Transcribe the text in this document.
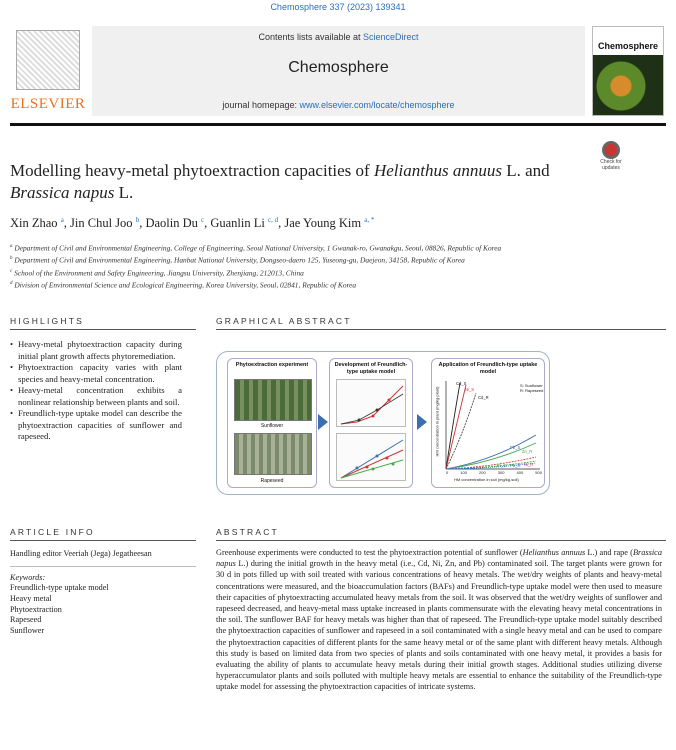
Chemosphere 337 (2023) 139341
ELSEVIER
Contents lists available at ScienceDirect
Chemosphere
journal homepage: www.elsevier.com/locate/chemosphere
Chemosphere
Check for
updates
Modelling heavy-metal phytoextraction capacities of Helianthus annuus L. and Brassica napus L.
Xin Zhao $^a$, Jin Chul Joo $^b$, Daolin Du $^c$, Guanlin Li $^{c, d}$, Jae Young Kim $^{a, *}$
$^a$ Department of Civil and Environmental Engineering, College of Engineering, Seoul National University, 1 Gwanak-ro, Gwanakgu, Seoul, 08826, Republic of Korea
$^b$ Department of Civil and Environmental Engineering, Hanbat National University, Dongseo-daero 125, Yuseong-gu, Daejeon, 34158, Republic of Korea
$^c$ School of the Environment and Safety Engineering, Jiangsu University, Zhenjiang, 212013, China
$^d$ Division of Environmental Science and Ecological Engineering, Korea University, Seoul, 02841, Republic of Korea
HIGHLIGHTS
• Heavy-metal phytoextraction capacity during initial plant growth affects phytoremediation.
• Phytoextraction capacity varies with plant species and heavy-metal concentration.
• Heavy-metal concentration exhibits a nonlinear relationship between plants and soil.
• Freundlich-type uptake model can describe the phytoextraction capacities of sunflower and rapeseed.
GRAPHICAL ABSTRACT
Phytoextraction experiment
Sunflower
Rapeseed
Development of Freundlich-type uptake model
Application of Freundlich-type uptake model
Cd_S
Ni_S
Cd_R
Pb_S
Zn_R
Ni_R
Zn_S Pb_R
S: Sunflower
R: Rapeseed
0	100	200	300	400	500
HM concentration in soil (mg/kg-soil)
HM concentration in plant (mg/kg-plant)
ARTICLE INFO
Handling editor Veeriah (Jega) Jegatheesan
Keywords:
Freundlich-type uptake model
Heavy metal
Phytoextraction
Rapeseed
Sunflower
ABSTRACT
Greenhouse experiments were conducted to test the phytoextraction potential of sunflower (Helianthus annuus L.) and rape (Brassica napus L.) during the initial growth in the heavy metal (i.e., Cd, Ni, Zn, and Pb) contaminated soil. The target plants were grown for 30 d in pots filled up with soil treated with various concentrations of heavy metals. The wet/dry weights of plants and heavy-metal concentrations were measured, and the bioaccumulation factors (BAFs) and Freundlich-type uptake model were then used to measure their capacities of phytoextracting accumulated heavy metals from the soil. It was observed that the wet/dry weights of sunflower and rapeseed decreased, and heavy-metal mass uptake increased in plants commensurate with the elevating heavy metal concentrations in the soil. The sunflower BAF for heavy metals was higher than that of rapeseed. The Freundlich-type uptake model suitably described the phytoextraction capacities of sunflower and rapeseed in a soil contaminated with a single heavy metal and can be used to compare the phytoextraction capacities of different plants for the same heavy metal or of the same plant with different heavy metals. Although this study is based on limited data from two species of plants and soils contaminated with one heavy metal, it provides a basis for evaluating the ability of plants to accumulate heavy metals during their initial growth stages. Additional studies utilizing diverse hyperaccumulator plants and soils polluted with multiple heavy metals are essential to enhance the suitability of the Freundlich-type uptake model for assessing the phytoextraction capacities of intricate systems.
